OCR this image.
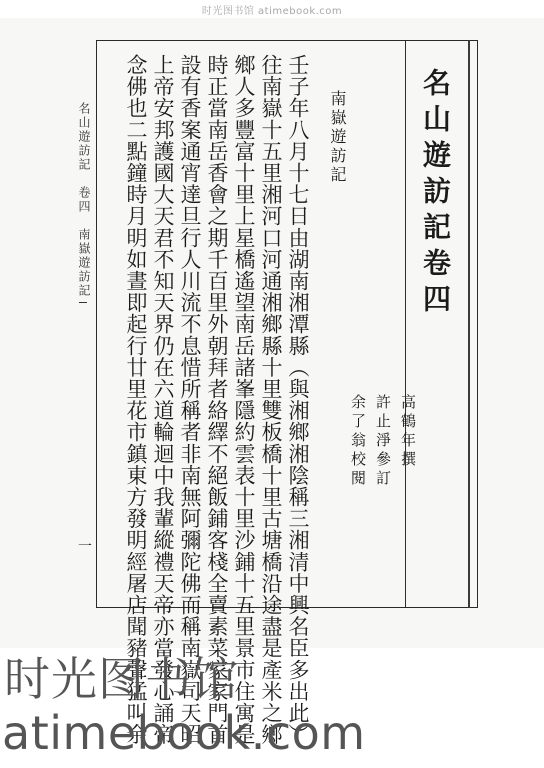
时光图书馆 atimebook.com
名山遊訪記卷四
高鶴年撰
許止淨參訂
余了翁校閱
南嶽遊訪記
壬子年八月十七日由湖南湘潭縣（與湘鄉湘陰稱三湘清中興名臣多出此）
往南嶽十五里湘河口河通湘鄉縣十里雙板橋十里古塘橋沿途盡是產米之鄉
鄉人多豐富十里上星橋遙望南岳諸峯隱約雲表十里沙鋪十五里景市住寓是
時正當南岳香會之期千百里外朝拜者絡繹不絕飯鋪客棧全賣素菜家家門首
設有香案通宵達旦行人川流不息惜所稱者非南無阿彌陀佛而稱南嶽司天昭
上帝安邦護國大天君不知天界仍在六道輪迴中我輩縱禮天帝亦當發心誦帝
念佛也二點鐘時月明如晝即起行廿里花市鎮東方發明經屠店聞豬聲猛叫余
名山遊訪記　卷四　南嶽遊訪記
一
时光图书馆
atimebook.com
